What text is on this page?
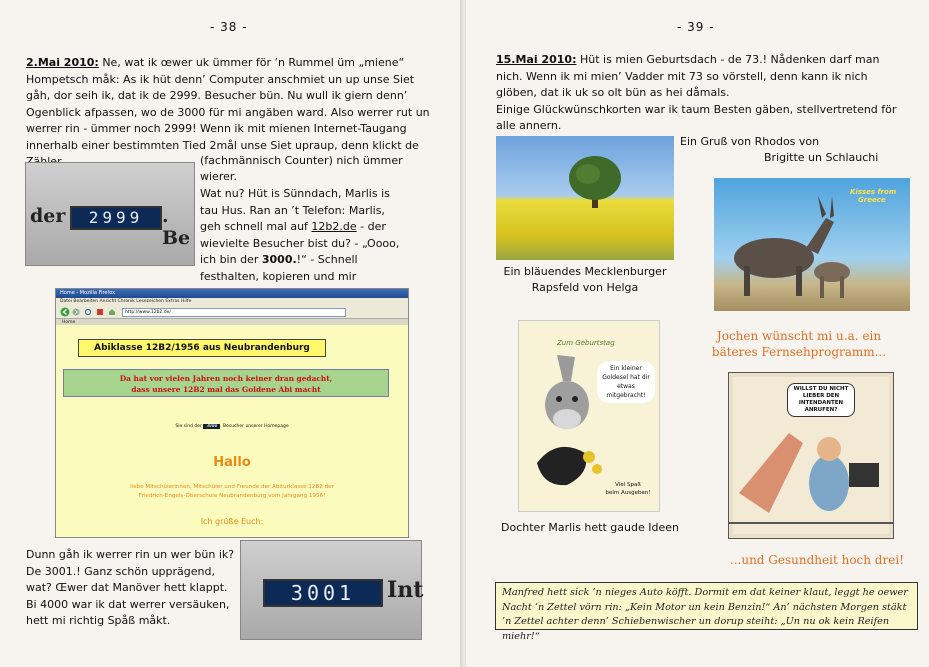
- 38 -
2.Mai 2010: Ne, wat ik œwer uk ümmer för ’n Rummel üm „miene“ Hompetsch måk: As ik hüt denn’ Computer anschmiet un up unse Siet gåh, dor seih ik, dat ik de 2999. Besucher bün. Nu wull ik giern denn’ Ogenblick afpassen, wo de 3000 für mi angäben ward. Also werrer rut un werrer rin - ümmer noch 2999! Wenn ik mit mienen Internet-Taugang innerhalb einer bestimmten Tied 2mål unse Siet upraup, denn klickt de
(fachmännisch Counter) nich ümmer
wierer.
der	2999 . Be
Wat nu? Hüt is Sünndach, Marlis is tau Hus. Ran an ’t Telefon: Marlis, geh schnell mal auf 12b2.de - der wievielte Besucher bist du? - „Oooo, ich bin der 3000.!“ - Schnell festhalten, kopieren und mir
Home - Mozilla Firefox
Datei Bearbeiten Ansicht Chronik Lesezeichen Extras Hilfe
http://www.12b2.de/
Home
Abiklasse 12B2/1956 aus Neubrandenburg
Da hat vor vielen Jahren noch keiner dran gedacht,
dass unsere 12B2 mal das Goldene Abi macht
Sie sind der 3000 . Besucher unserer Homepage
Hallo
liebe Mitschülerinnen, Mitschüler und Freunde der Abiturklasse 12B2 der
Friedrich-Engels-Oberschule Neubrandenburg vom Jahrgang 1956!
Ich grüße Euch:
Dunn gåh ik werrer rin un wer bün ik? De 3001.! Ganz schön upprägend, wat? Œwer dat Manöver hett klappt. Bi 4000 war ik dat werrer versäuken, hett mi richtig Spåß måkt.
3001	Int
- 39 -
15.Mai 2010: Hüt is mien Geburtsdach - de 73.! Nådenken darf man nich. Wenn ik mi mien’ Vadder mit 73 so vörstell, denn kann ik nich glöben, dat ik uk so olt bün as hei dåmals.
Einige Glückwünschkorten war ik taum Besten gäben, stellvertretend för alle annern.
Ein bläuendes Mecklenburger
Rapsfeld von Helga
Ein Gruß von Rhodos von
Brigitte un Schlauchi
Kisses from
Greece
Zum Geburtstag
Ein kleiner Goldesel hat dir etwas mitgebracht!
Viel Spaß
beim Ausgeben!
Dochter Marlis hett gaude Ideen
Jochen wünscht mi u.a. ein
bäteres Fernsehprogramm...
WILLST DU NICHT LIEBER DEN INTENDANTEN ANRUFEN?
...und Gesundheit hoch drei!
Manfred hett sick ’n nieges Auto köfft. Dormit em dat keiner klaut, leggt he oewer Nacht ’n Zettel vörn rin: „Kein Motor un kein Benzin!“ An’ nächsten Morgen stäkt ’n Zettel achter denn’ Schiebenwischer un dorup steiht: „Un nu ok kein Reifen miehr!“
